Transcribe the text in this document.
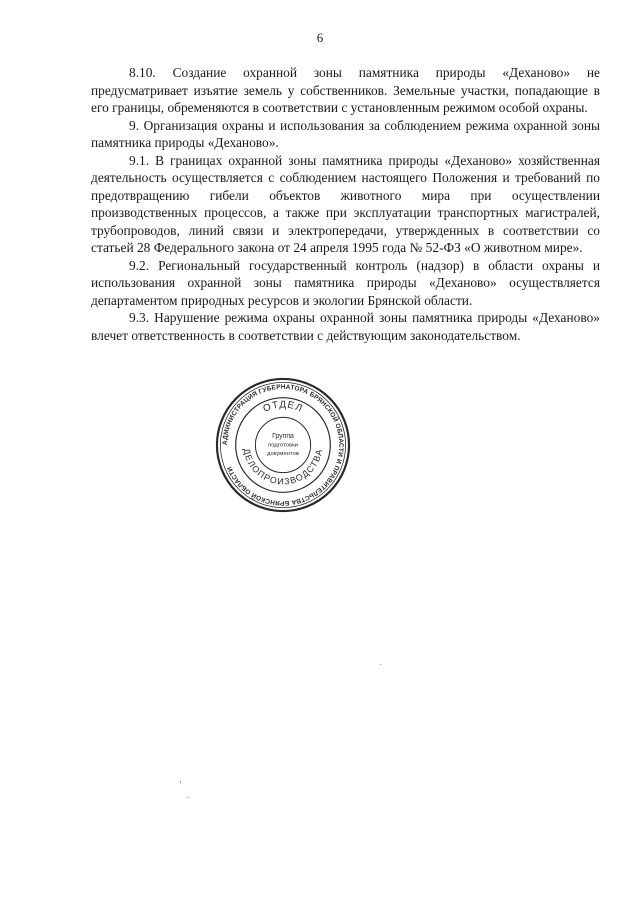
6

8.10. Создание охранной зоны памятника природы «Деханово» не предусматривает изъятие земель у собственников. Земельные участки, попадающие в его границы, обременяются в соответствии с установленным режимом особой охраны.

9. Организация охраны и использования за соблюдением режима охранной зоны памятника природы «Деханово».

9.1. В границах охранной зоны памятника природы «Деханово» хозяйственная деятельность осуществляется с соблюдением настоящего Положения и требований по предотвращению гибели объектов животного мира при осуществлении производственных процессов, а также при эксплуатации транспортных магистралей, трубопроводов, линий связи и электропередачи, утвержденных в соответствии со статьей 28 Федерального закона от 24 апреля 1995 года № 52-ФЗ «О животном мире».

9.2. Региональный государственный контроль (надзор) в области охраны и использования охранной зоны памятника природы «Деханово» осуществляется департаментом природных ресурсов и экологии Брянской области.

9.3. Нарушение режима охраны охранной зоны памятника природы «Деханово» влечет ответственность в соответствии с действующим законодательством.

АДМИНИСТРАЦИЯ ГУБЕРНАТОРА БРЯНСКОЙ ОБЛАСТИ И ПРАВИТЕЛЬСТВА БРЯНСКОЙ ОБЛАСТИ
ОТДЕЛ
ДЕЛОПРОИЗВОДСТВА
Группа
подготовки
документов
